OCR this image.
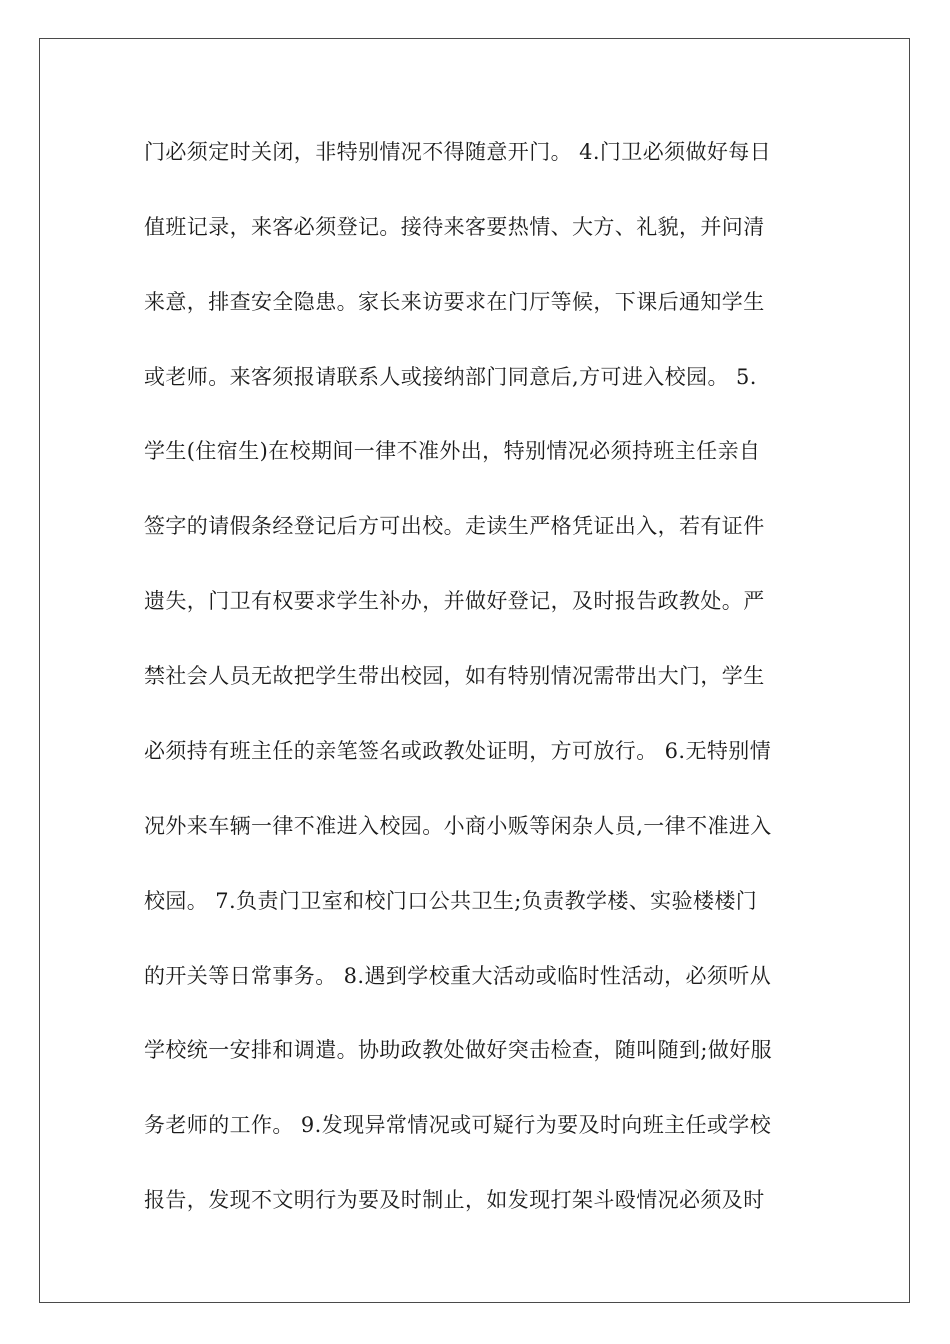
门必须定时关闭，非特别情况不得随意开门。 4.门卫必须做好每日
值班记录，来客必须登记。接待来客要热情、大方、礼貌，并问清
来意，排查安全隐患。家长来访要求在门厅等候，下课后通知学生
或老师。来客须报请联系人或接纳部门同意后,方可进入校园。 5.
学生(住宿生)在校期间一律不准外出，特别情况必须持班主任亲自
签字的请假条经登记后方可出校。走读生严格凭证出入，若有证件
遗失，门卫有权要求学生补办，并做好登记，及时报告政教处。严
禁社会人员无故把学生带出校园，如有特别情况需带出大门，学生
必须持有班主任的亲笔签名或政教处证明，方可放行。 6.无特别情
况外来车辆一律不准进入校园。小商小贩等闲杂人员,一律不准进入
校园。 7.负责门卫室和校门口公共卫生;负责教学楼、实验楼楼门
的开关等日常事务。 8.遇到学校重大活动或临时性活动，必须听从
学校统一安排和调遣。协助政教处做好突击检查，随叫随到;做好服
务老师的工作。 9.发现异常情况或可疑行为要及时向班主任或学校
报告，发现不文明行为要及时制止，如发现打架斗殴情况必须及时
